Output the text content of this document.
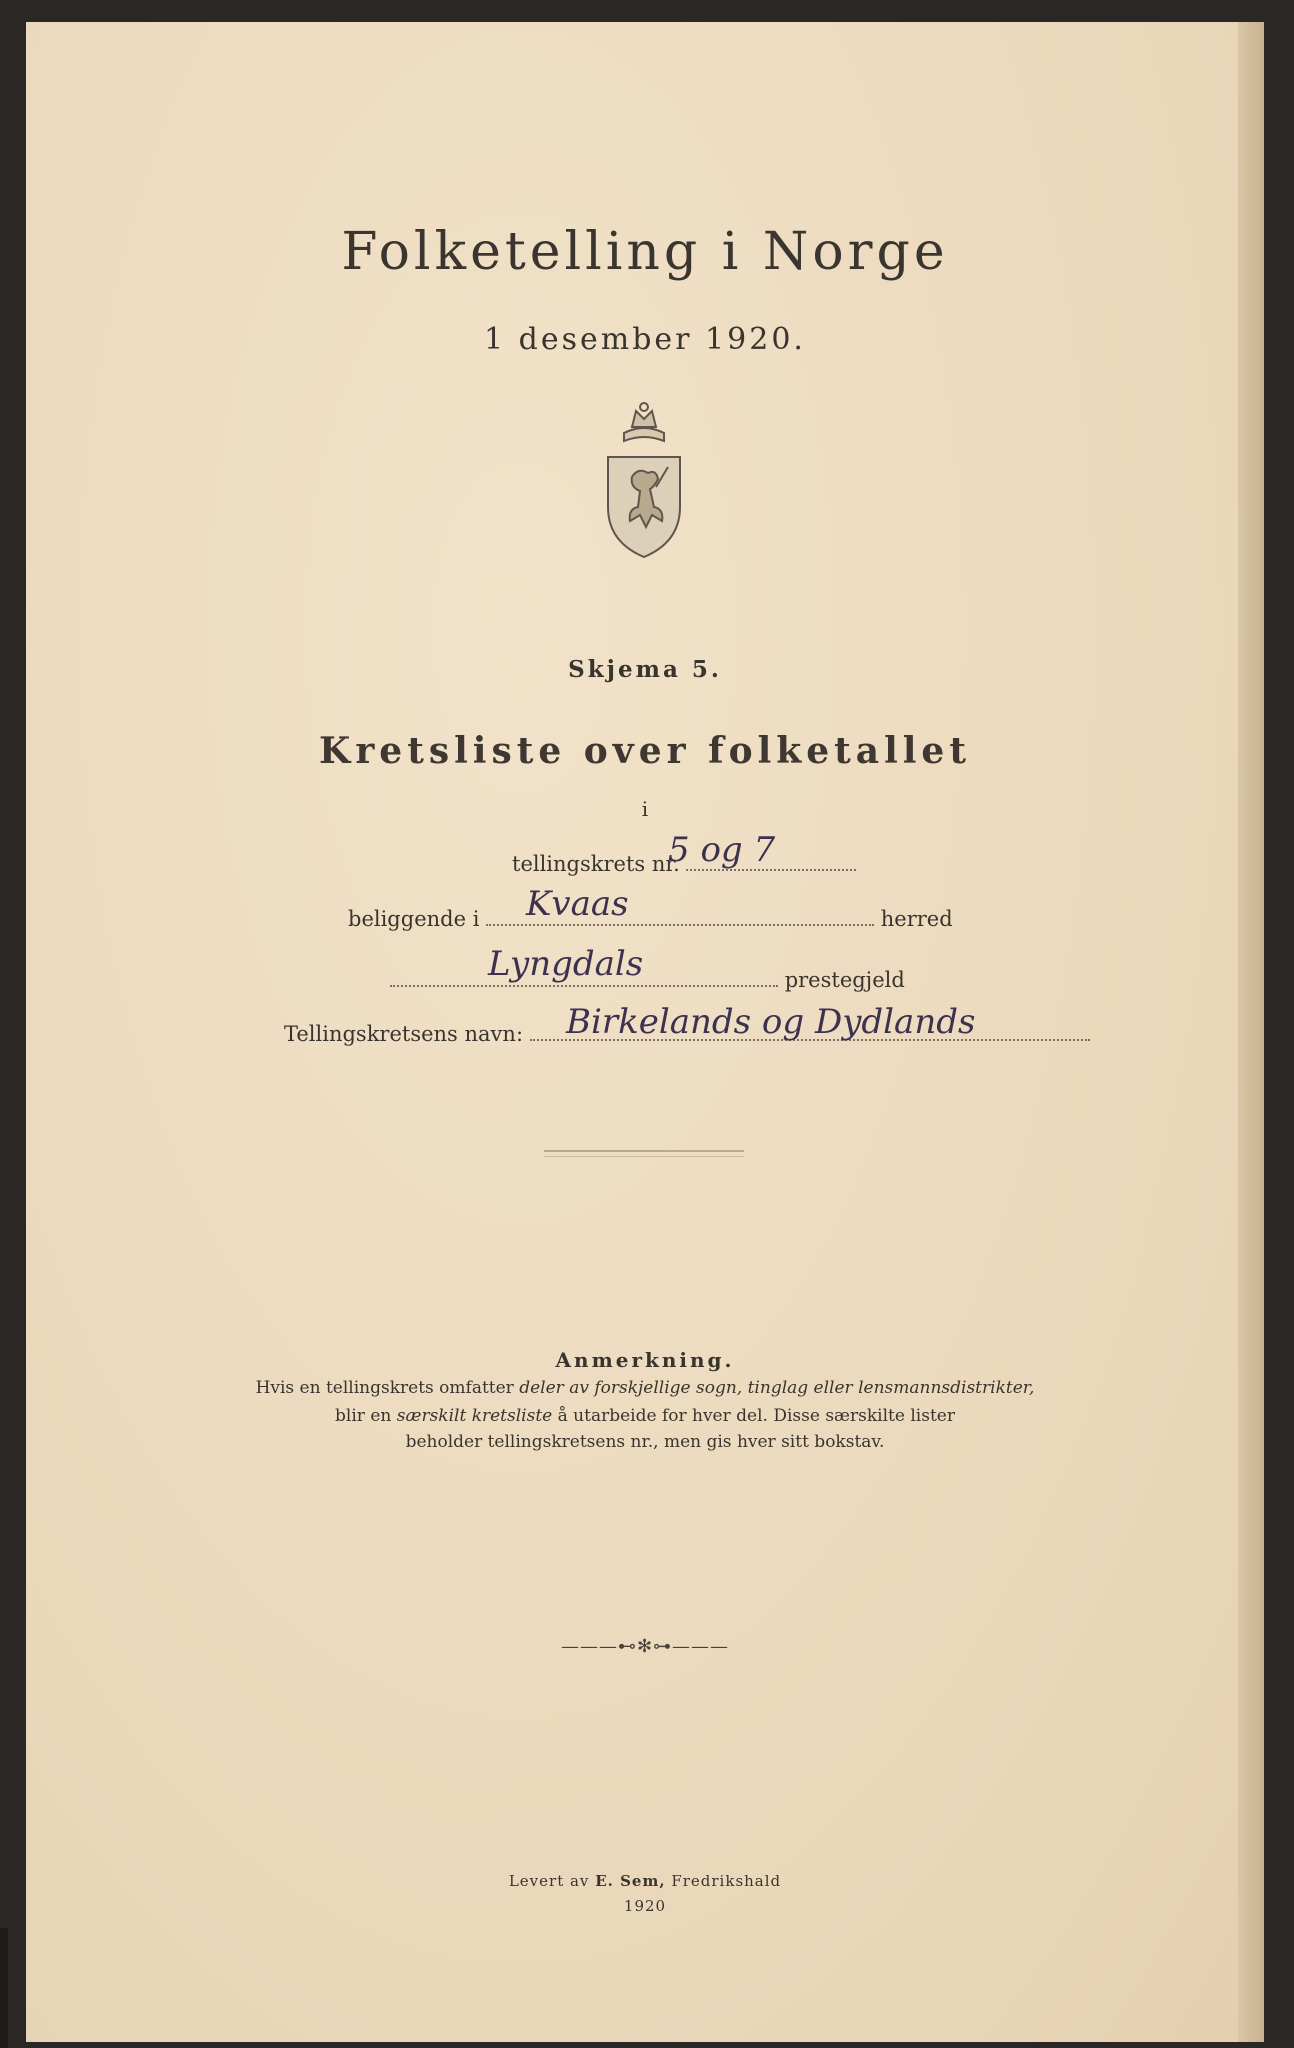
Folketelling i Norge
1 desember 1920.
Skjema 5.
Kretsliste over folketallet
i
tellingskrets nr.
5 og 7
beliggende i	herred
Kvaas
prestegjeld
Lyngdals
Tellingskretsens navn:	Birkelands og Dydlands
Anmerkning.
Hvis en tellingskrets omfatter deler av forskjellige sogn, tinglag eller lensmannsdistrikter,
blir en særskilt kretsliste å utarbeide for hver del. Disse særskilte lister
beholder tellingskretsens nr., men gis hver sitt bokstav.
———⊷✻⊶———
Levert av E. Sem, Fredrikshald
1920
